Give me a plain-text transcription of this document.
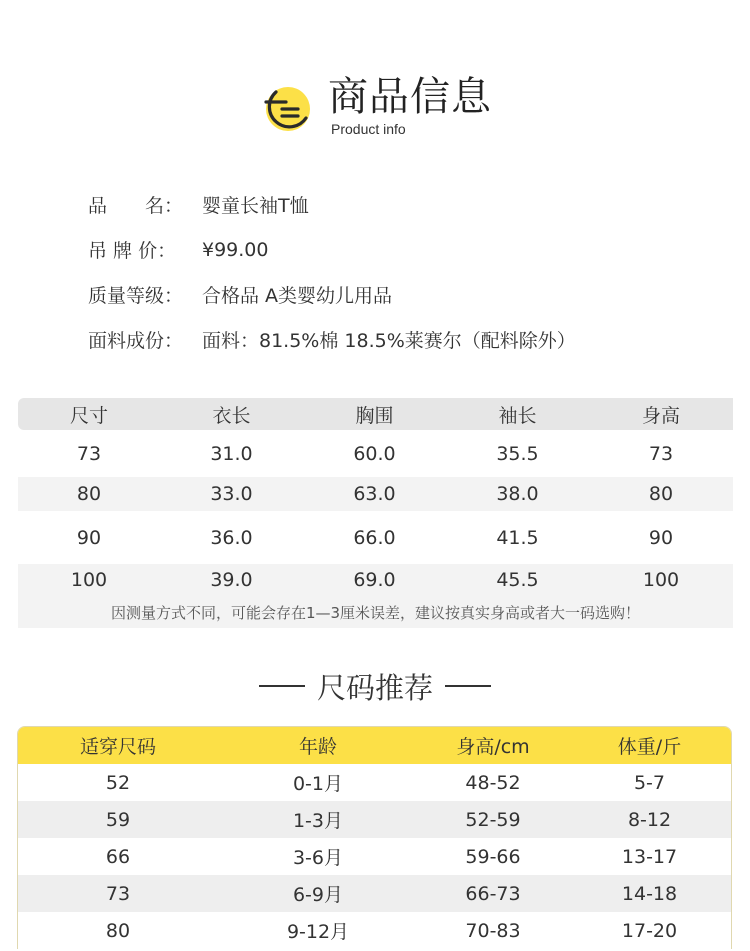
商品信息
Product info
品　　名： 婴童长袖T恤
吊 牌 价：	¥99.00
质量等级： 合格品 A类婴幼儿用品
面料成份： 面料：81.5%棉 18.5%莱赛尔（配料除外）
尺寸	衣长	胸围	袖长	身高
73	31.0	60.0	35.5	73
80	33.0	63.0	38.0	80
90	36.0	66.0	41.5	90
100	39.0	69.0	45.5	100
因测量方式不同，可能会存在1—3厘米误差，建议按真实身高或者大一码选购！
尺码推荐
适穿尺码	年龄	身高/cm	体重/斤
52	0-1月	48-52	5-7
59	1-3月	52-59	8-12
66	3-6月	59-66	13-17
73	6-9月	66-73	14-18
80	9-12月	70-83	17-20
